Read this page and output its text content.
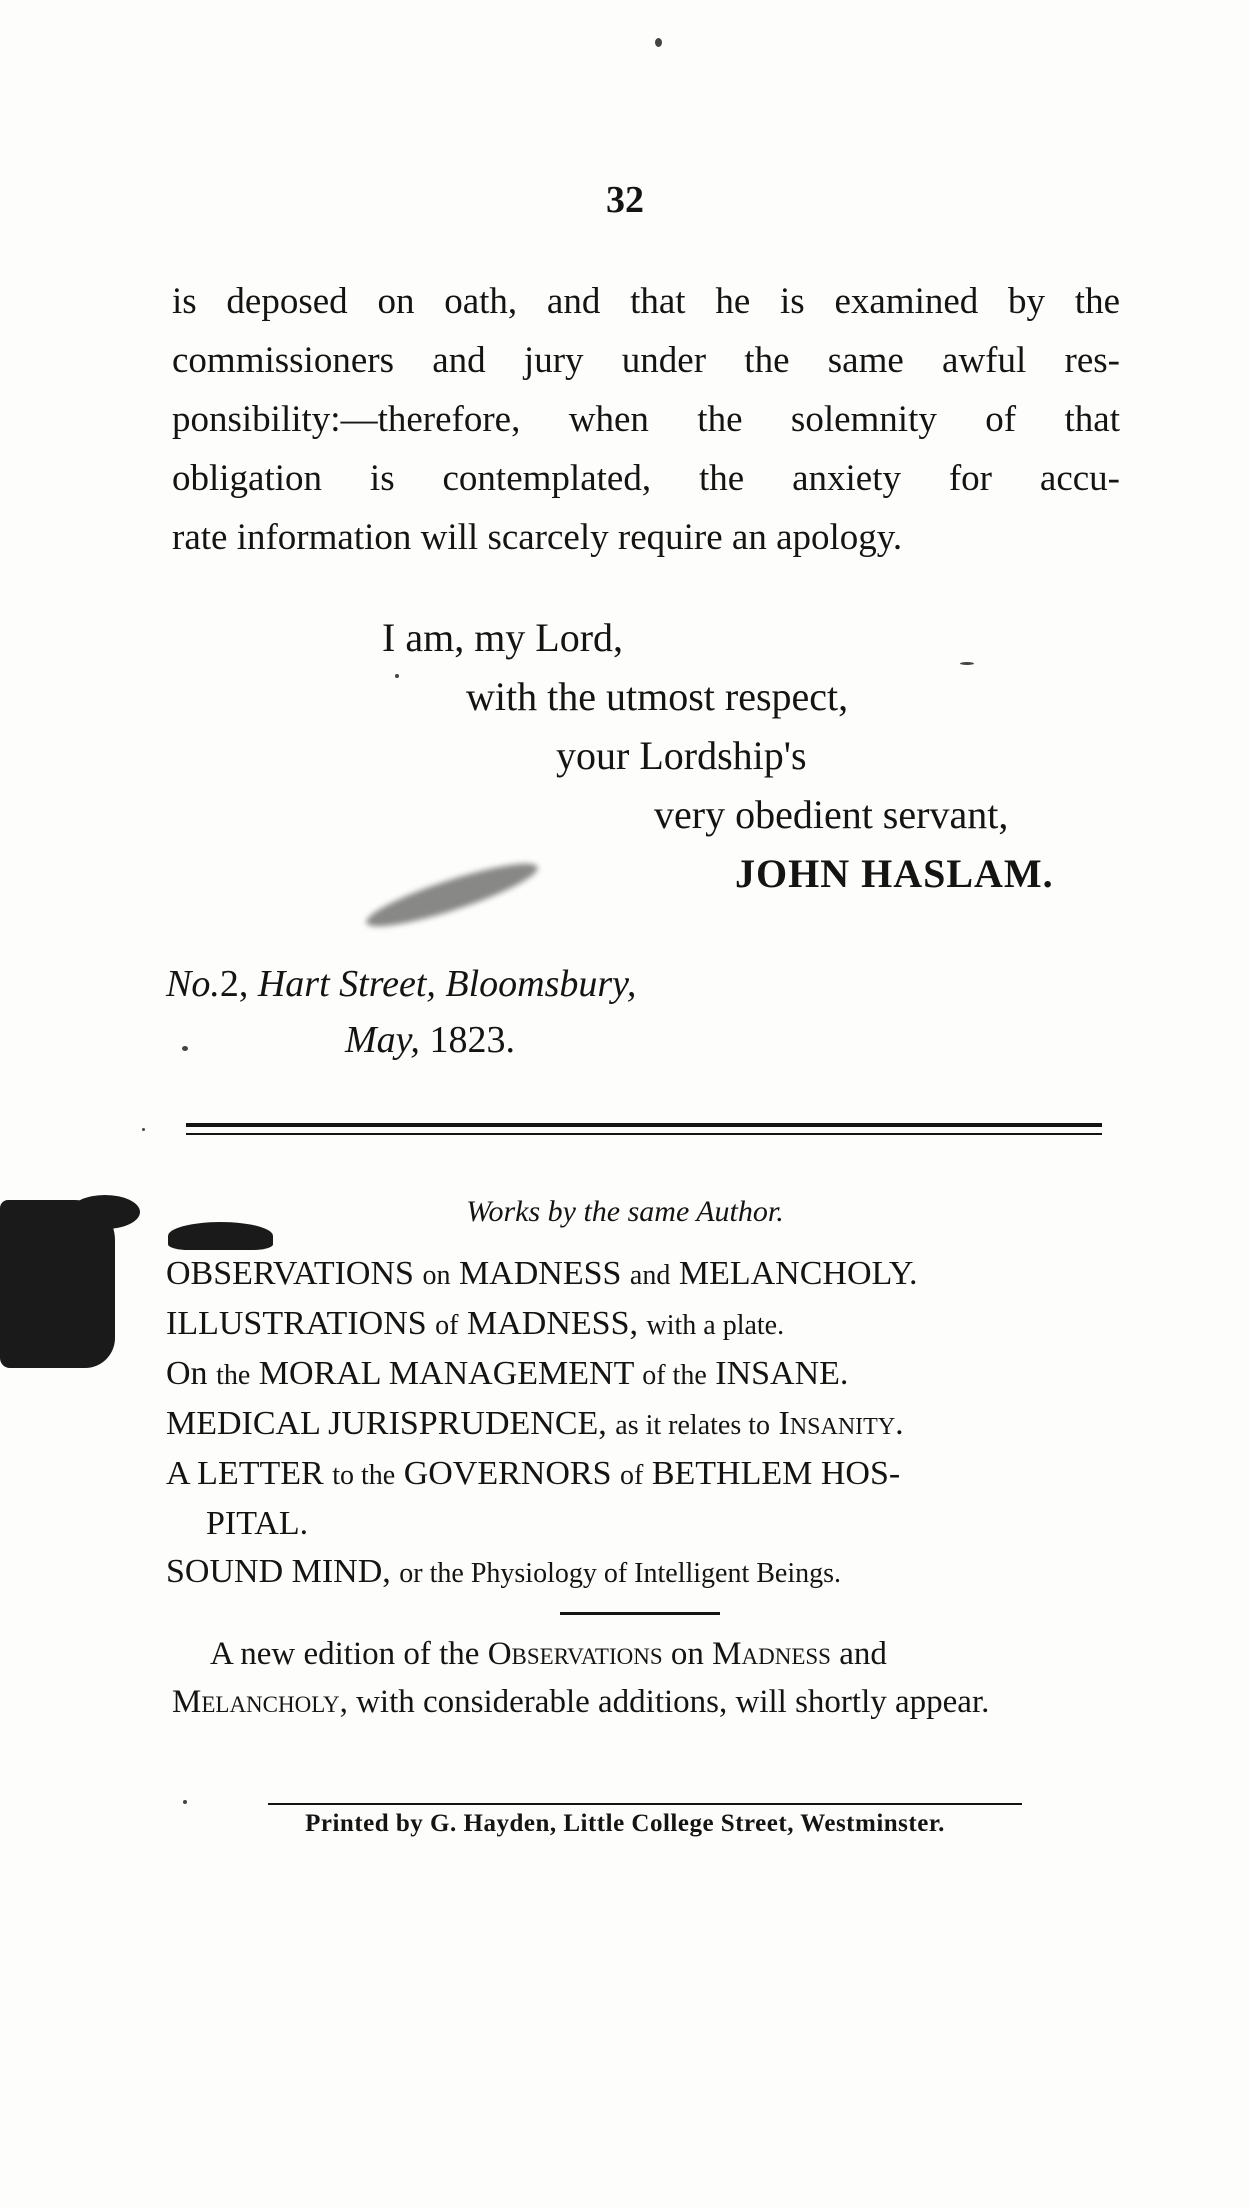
32
is deposed on oath, and that he is examined by the
commissioners and jury under the same awful res-
ponsibility:—therefore, when the solemnity of that
obligation is contemplated, the anxiety for accu-
rate information will scarcely require an apology.
I am, my Lord,
with the utmost respect,
your Lordship's
very obedient servant,
JOHN HASLAM.
No.2, Hart Street, Bloomsbury,
May, 1823.
Works by the same Author.
OBSERVATIONS on MADNESS and MELANCHOLY.
ILLUSTRATIONS of MADNESS, with a plate.
On the MORAL MANAGEMENT of the INSANE.
MEDICAL JURISPRUDENCE, as it relates to Insanity.
A LETTER to the GOVERNORS of BETHLEM HOS-
PITAL.
SOUND MIND, or the Physiology of Intelligent Beings.
A new edition of the Observations on Madness and
Melancholy, with considerable additions, will shortly appear.
Printed by G. Hayden, Little College Street, Westminster.
